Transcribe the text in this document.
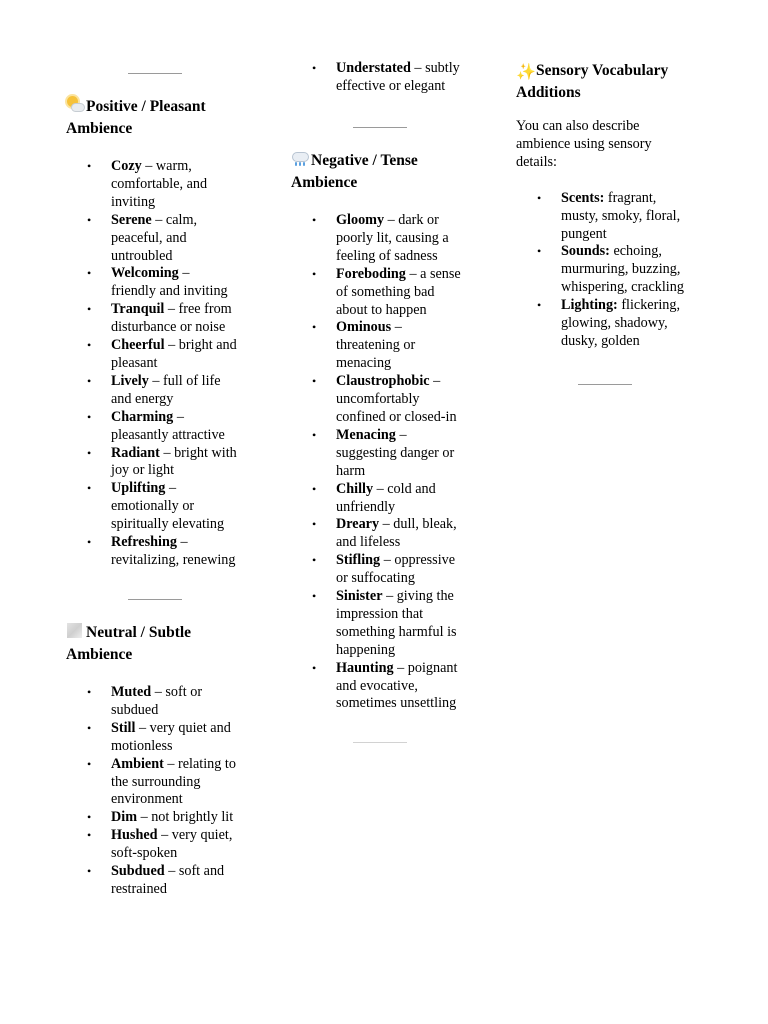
Positive / Pleasant
Ambience

• Cozy – warm,
comfortable, and
inviting
• Serene – calm,
peaceful, and
untroubled
• Welcoming –
friendly and inviting
• Tranquil – free from
disturbance or noise
• Cheerful – bright and
pleasant
• Lively – full of life
and energy
• Charming –
pleasantly attractive
• Radiant – bright with
joy or light
• Uplifting –
emotionally or
spiritually elevating
• Refreshing –
revitalizing, renewing

Neutral / Subtle
Ambience

• Muted – soft or
subdued
• Still – very quiet and
motionless
• Ambient – relating to
the surrounding
environment
• Dim – not brightly lit
• Hushed – very quiet,
soft-spoken
• Subdued – soft and
restrained
• Understated – subtly
effective or elegant

Negative / Tense
Ambience

• Gloomy – dark or
poorly lit, causing a
feeling of sadness
• Foreboding – a sense
of something bad
about to happen
• Ominous –
threatening or
menacing
• Claustrophobic –
uncomfortably
confined or closed-in
• Menacing –
suggesting danger or
harm
• Chilly – cold and
unfriendly
• Dreary – dull, bleak,
and lifeless
• Stifling – oppressive
or suffocating
• Sinister – giving the
impression that
something harmful is
happening
• Haunting – poignant
and evocative,
sometimes unsettling

✨Sensory Vocabulary
Additions

You can also describe
ambience using sensory
details:

• Scents: fragrant,
musty, smoky, floral,
pungent
• Sounds: echoing,
murmuring, buzzing,
whispering, crackling
• Lighting: flickering,
glowing, shadowy,
dusky, golden
